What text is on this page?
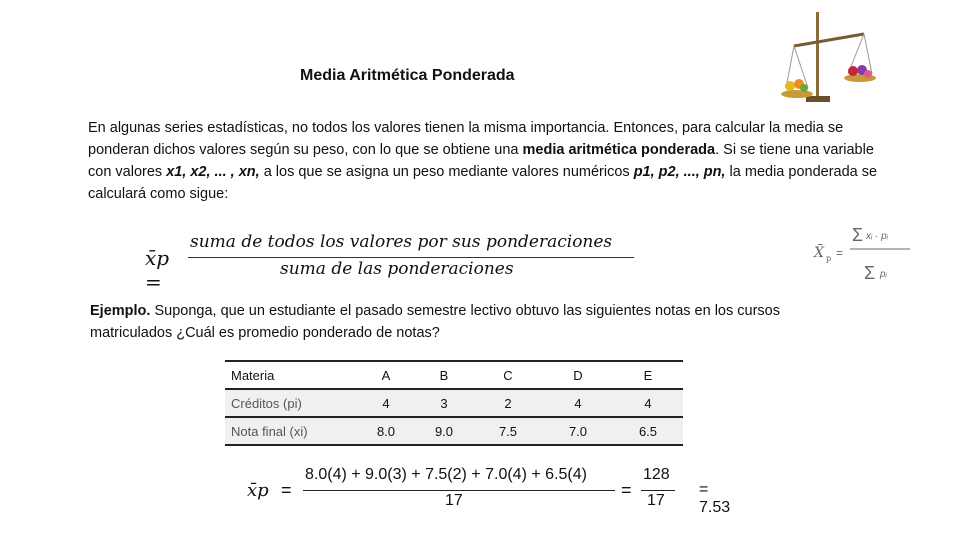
Media Aritmética Ponderada
En algunas series estadísticas, no todos los valores tienen la misma importancia. Entonces, para calcular la media se ponderan dichos valores según su peso, con lo que se obtiene una media aritmética ponderada. Si se tiene una variable con valores x1, x2, ... , xn, a los que se asigna un peso mediante valores numéricos p1, p2, ..., pn, la media ponderada se calculará como sigue:
x̄p =
suma de todos los valores por sus ponderaciones
suma de las ponderaciones
X̄ p =
Σ xᵢ · pᵢ
Σ pᵢ
Ejemplo. Suponga, que un estudiante el pasado semestre lectivo obtuvo las siguientes notas en los cursos matriculados ¿Cuál es promedio ponderado de notas?
Materia	A	B	C	D	E
Créditos (pi)	4	3	2	4	4
Nota final (xi)	8.0	9.0	7.5	7.0	6.5
x̄p =
8.0(4) + 9.0(3) + 7.5(2) + 7.0(4) + 6.5(4)
17
=
128
17
= 7.53
